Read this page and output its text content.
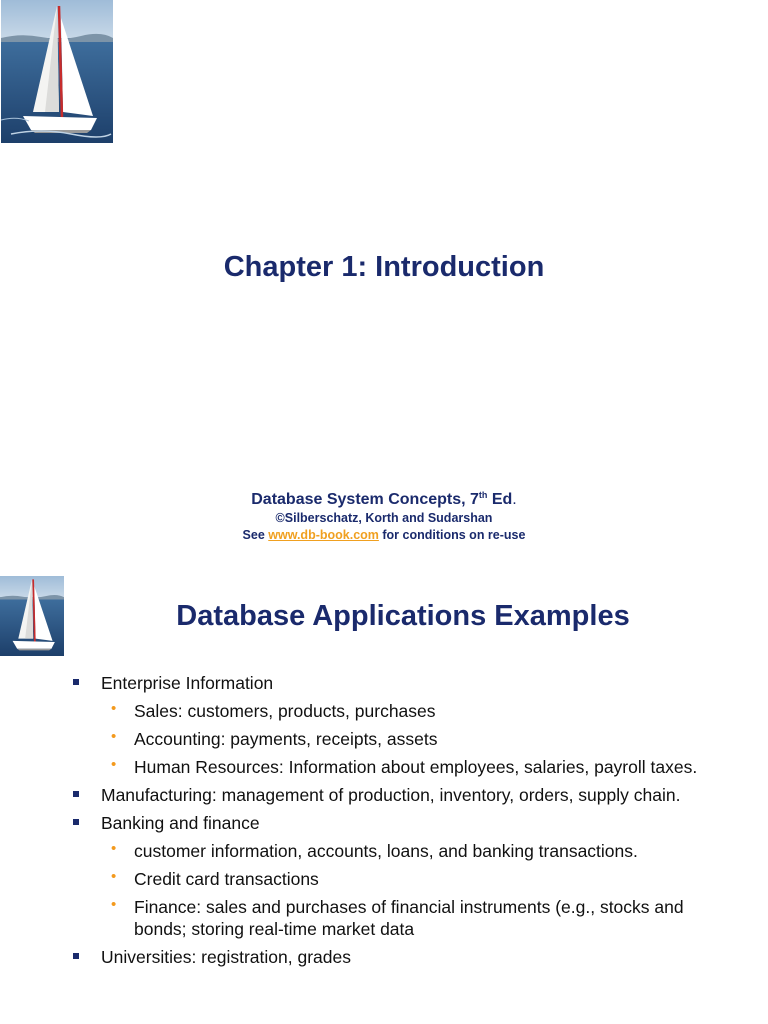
Chapter 1: Introduction
Database System Concepts, 7th Ed.
©Silberschatz, Korth and Sudarshan
See www.db-book.com for conditions on re-use
Database Applications Examples
Enterprise Information
• Sales: customers, products, purchases
• Accounting: payments, receipts, assets
• Human Resources: Information about employees, salaries, payroll taxes.
Manufacturing: management of production, inventory, orders, supply chain.
Banking and finance
• customer information, accounts, loans, and banking transactions.
• Credit card transactions
• Finance: sales and purchases of financial instruments (e.g., stocks and bonds; storing real-time market data
Universities: registration, grades
